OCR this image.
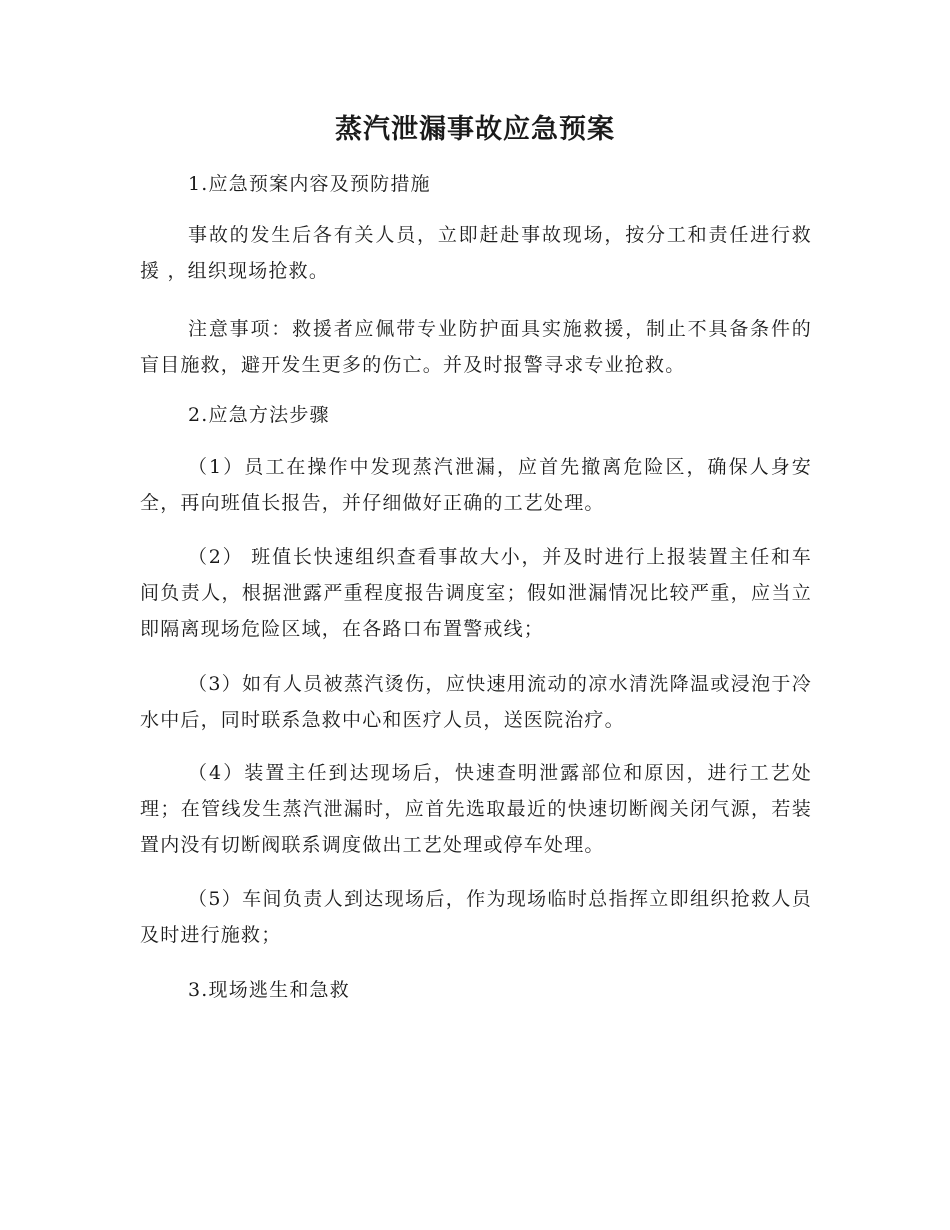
蒸汽泄漏事故应急预案

1.应急预案内容及预防措施

事故的发生后各有关人员，立即赶赴事故现场，按分工和责任进行救援 ，组织现场抢救。

注意事项：救援者应佩带专业防护面具实施救援，制止不具备条件的盲目施救，避开发生更多的伤亡。并及时报警寻求专业抢救。

2.应急方法步骤

（1）员工在操作中发现蒸汽泄漏，应首先撤离危险区，确保人身安全，再向班值长报告，并仔细做好正确的工艺处理。

（2） 班值长快速组织查看事故大小，并及时进行上报装置主任和车间负责人，根据泄露严重程度报告调度室；假如泄漏情况比较严重，应当立即隔离现场危险区域，在各路口布置警戒线；

（3）如有人员被蒸汽烫伤，应快速用流动的凉水清洗降温或浸泡于冷水中后，同时联系急救中心和医疗人员，送医院治疗。

（4）装置主任到达现场后，快速查明泄露部位和原因，进行工艺处理；在管线发生蒸汽泄漏时，应首先选取最近的快速切断阀关闭气源，若装置内没有切断阀联系调度做出工艺处理或停车处理。

（5）车间负责人到达现场后，作为现场临时总指挥立即组织抢救人员及时进行施救；

3.现场逃生和急救
